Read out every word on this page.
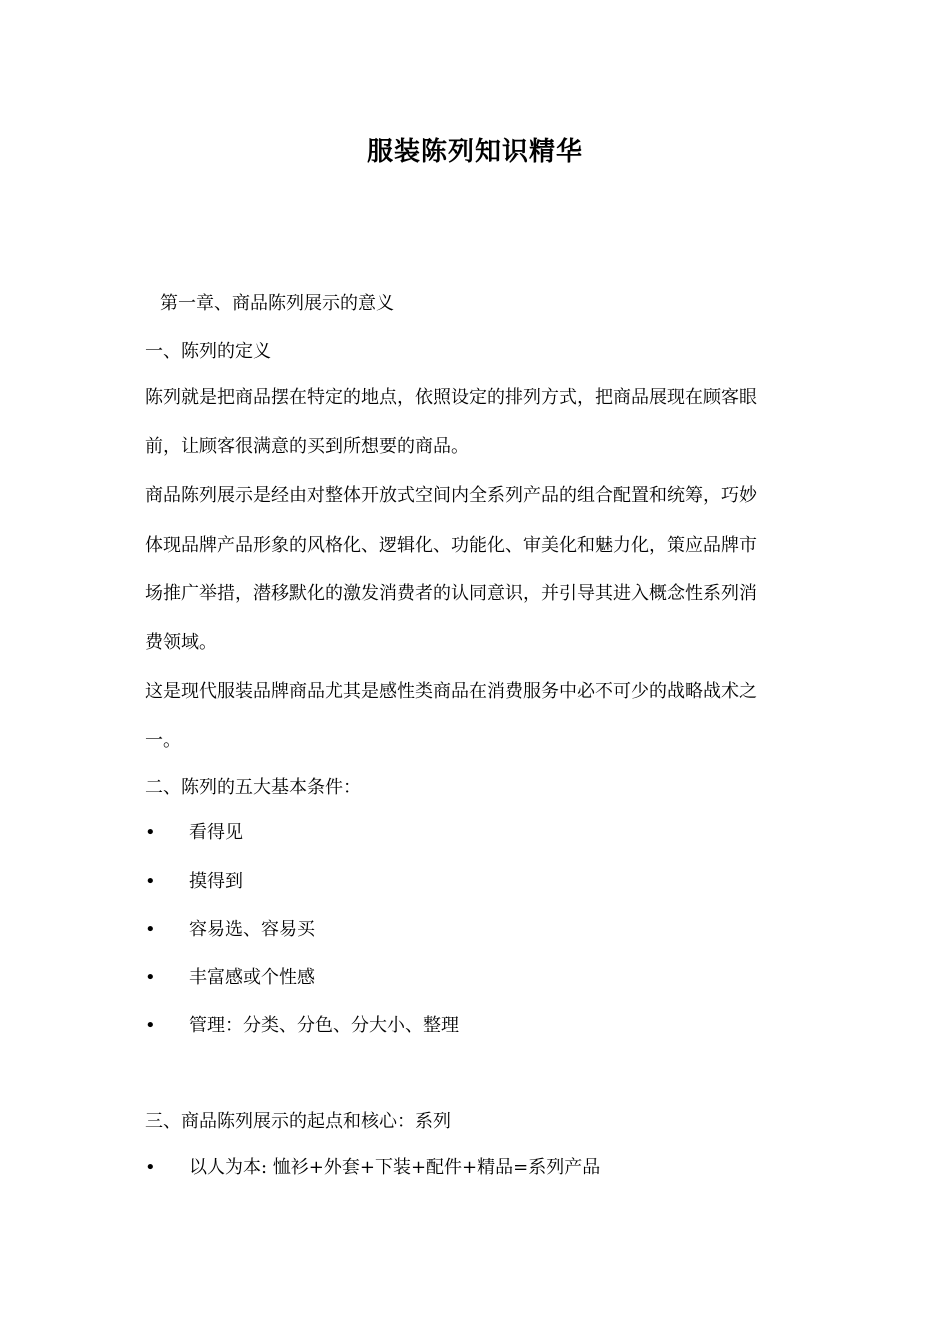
服装陈列知识精华
第一章、商品陈列展示的意义
一、陈列的定义
陈列就是把商品摆在特定的地点，依照设定的排列方式，把商品展现在顾客眼
前，让顾客很满意的买到所想要的商品。
商品陈列展示是经由对整体开放式空间内全系列产品的组合配置和统筹，巧妙
体现品牌产品形象的风格化、逻辑化、功能化、审美化和魅力化，策应品牌市
场推广举措，潜移默化的激发消费者的认同意识，并引导其进入概念性系列消
费领域。
这是现代服装品牌商品尤其是感性类商品在消费服务中必不可少的战略战术之
一。
二、陈列的五大基本条件：
• 看得见
• 摸得到
• 容易选、容易买
• 丰富感或个性感
• 管理：分类、分色、分大小、整理
三、商品陈列展示的起点和核心：系列
• 以人为本: 恤衫+外套+下装+配件+精品=系列产品
